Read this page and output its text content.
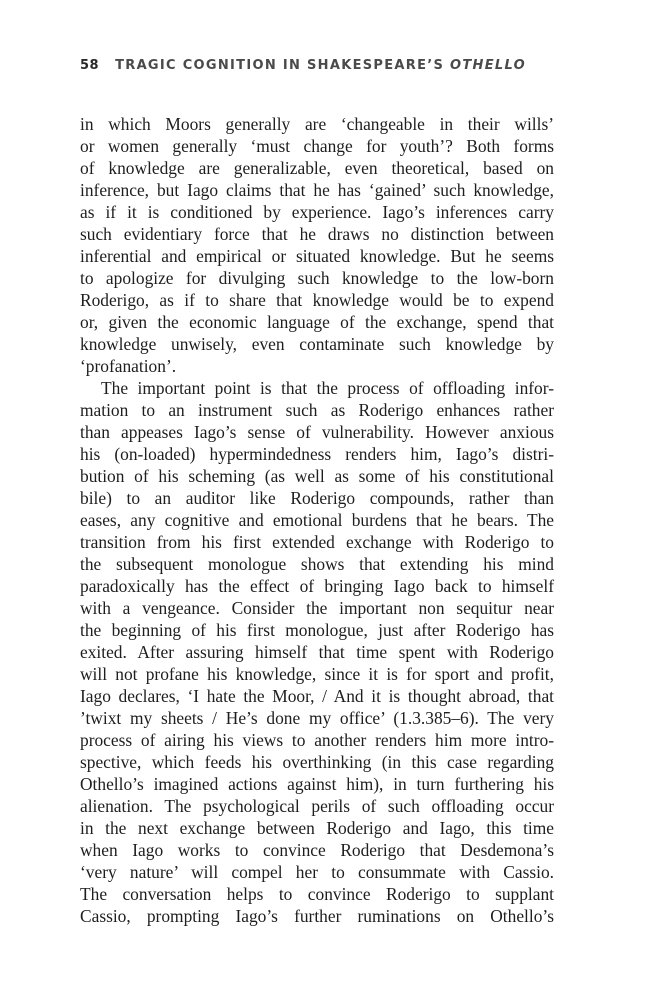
58 TRAGIC COGNITION IN SHAKESPEARE’S OTHELLO
in which Moors generally are ‘changeable in their wills’
or women generally ‘must change for youth’? Both forms
of knowledge are generalizable, even theoretical, based on
inference, but Iago claims that he has ‘gained’ such knowledge,
as if it is conditioned by experience. Iago’s inferences carry
such evidentiary force that he draws no distinction between
inferential and empirical or situated knowledge. But he seems
to apologize for divulging such knowledge to the low-born
Roderigo, as if to share that knowledge would be to expend
or, given the economic language of the exchange, spend that
knowledge unwisely, even contaminate such knowledge by
‘profanation’.
The important point is that the process of offloading infor-
mation to an instrument such as Roderigo enhances rather
than appeases Iago’s sense of vulnerability. However anxious
his (on-loaded) hypermindedness renders him, Iago’s distri-
bution of his scheming (as well as some of his constitutional
bile) to an auditor like Roderigo compounds, rather than
eases, any cognitive and emotional burdens that he bears. The
transition from his first extended exchange with Roderigo to
the subsequent monologue shows that extending his mind
paradoxically has the effect of bringing Iago back to himself
with a vengeance. Consider the important non sequitur near
the beginning of his first monologue, just after Roderigo has
exited. After assuring himself that time spent with Roderigo
will not profane his knowledge, since it is for sport and profit,
Iago declares, ‘I hate the Moor, / And it is thought abroad, that
’twixt my sheets / He’s done my office’ (1.3.385–6). The very
process of airing his views to another renders him more intro-
spective, which feeds his overthinking (in this case regarding
Othello’s imagined actions against him), in turn furthering his
alienation. The psychological perils of such offloading occur
in the next exchange between Roderigo and Iago, this time
when Iago works to convince Roderigo that Desdemona’s
‘very nature’ will compel her to consummate with Cassio.
The conversation helps to convince Roderigo to supplant
Cassio, prompting Iago’s further ruminations on Othello’s
